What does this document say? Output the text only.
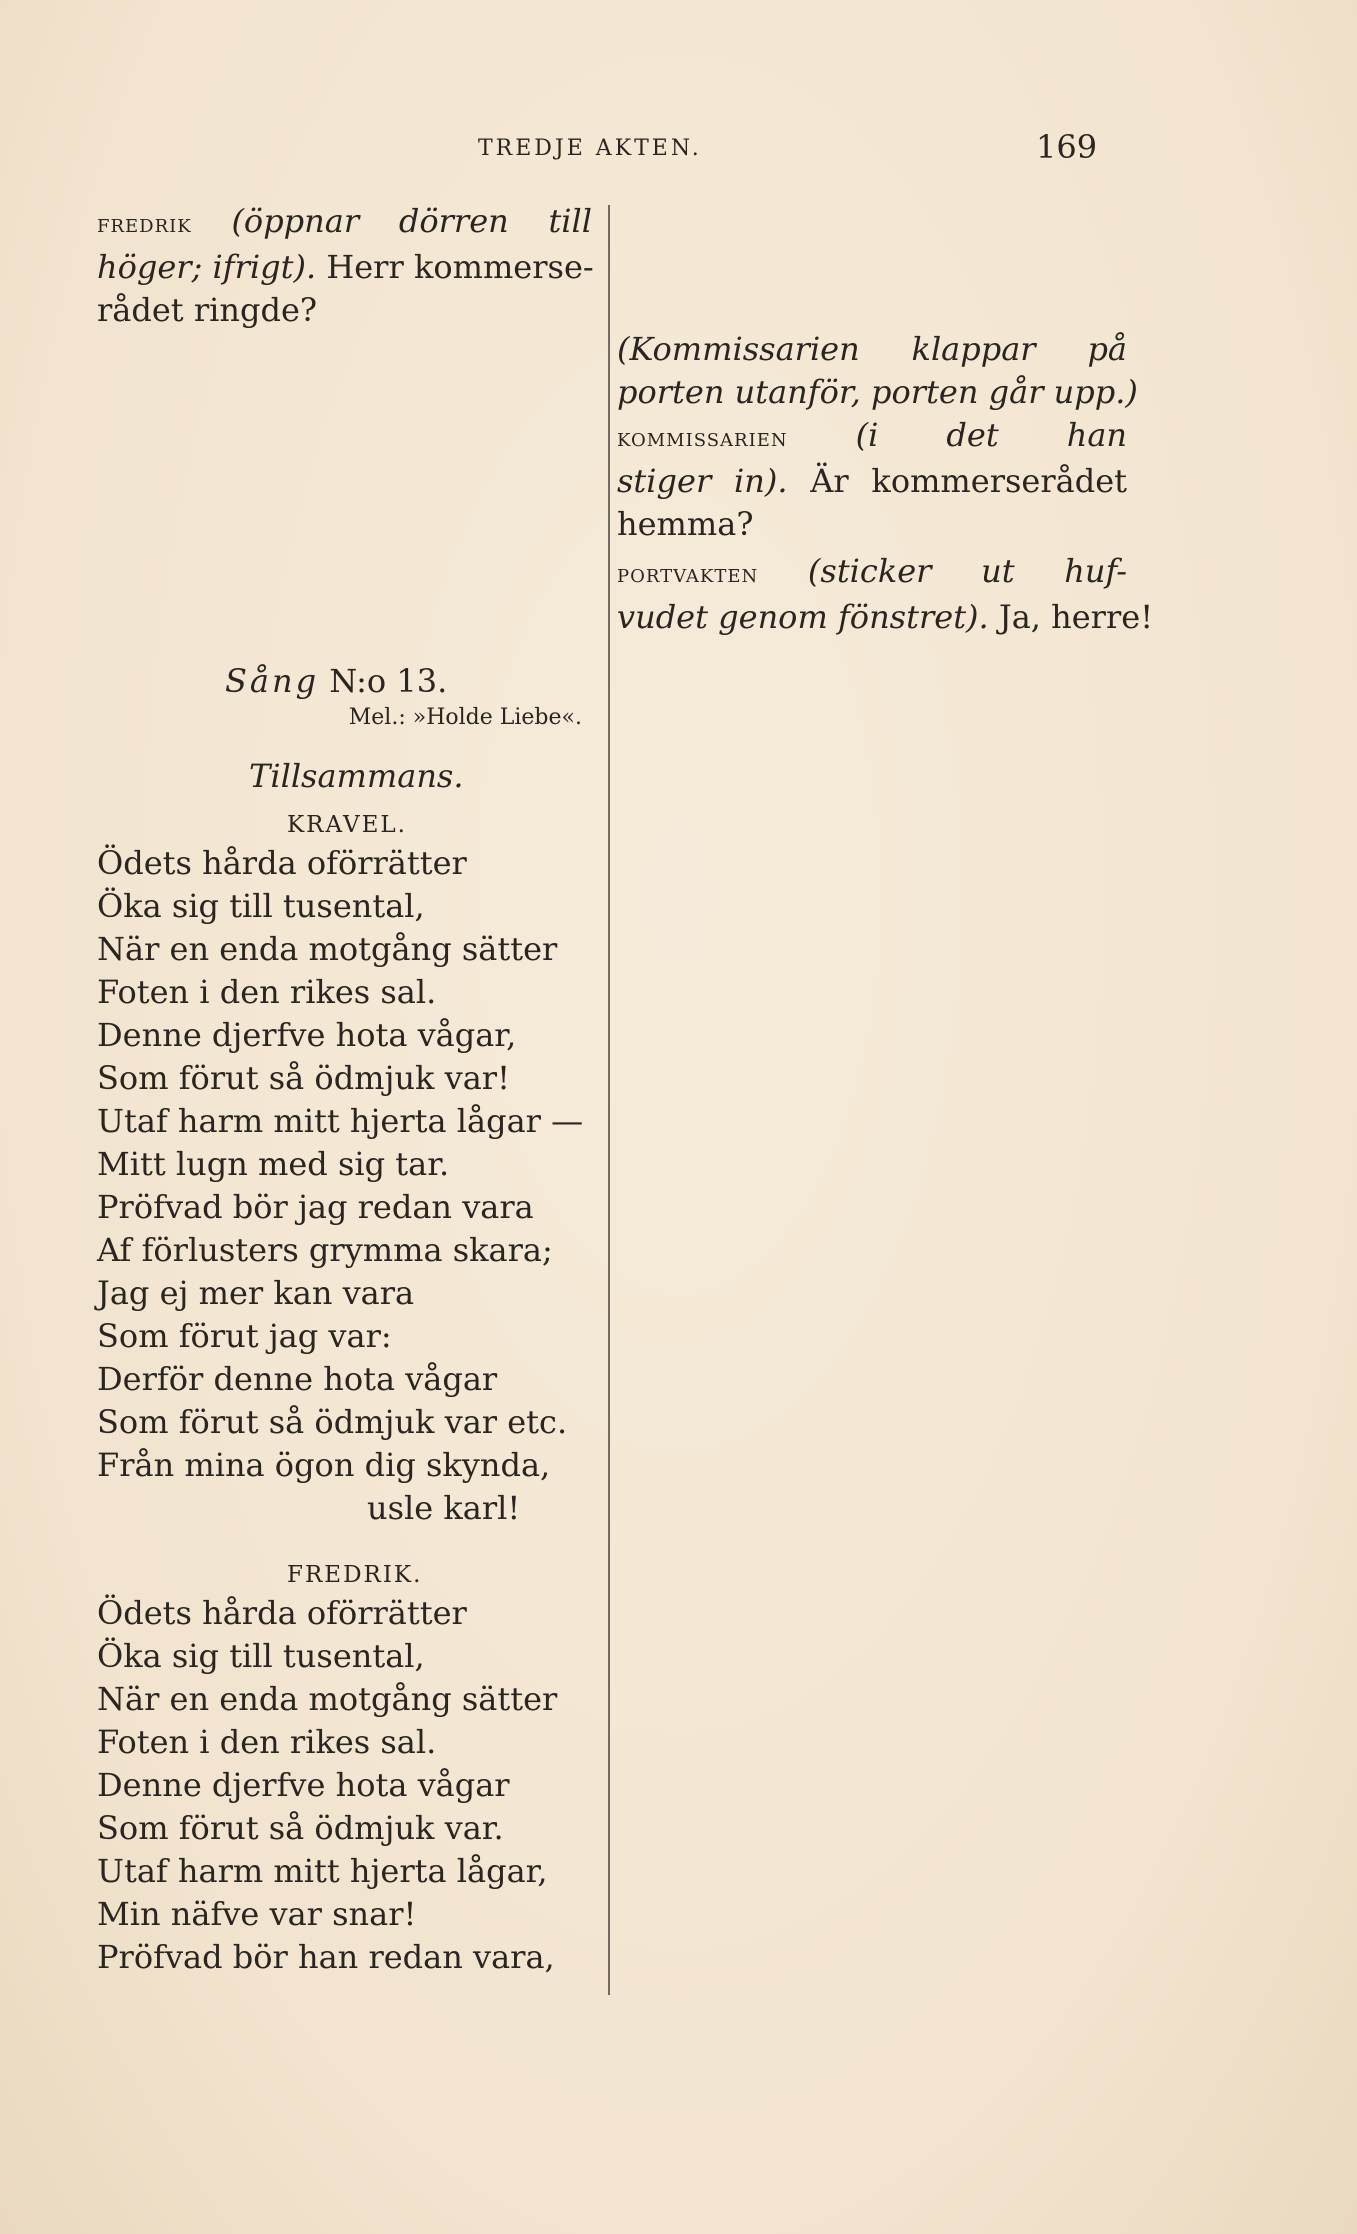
TREDJE AKTEN.	169
fredrik (öppnar dörren till
höger; ifrigt). Herr kommerse-
rådet ringde?
Sång N:o 13.
Mel.: »Holde Liebe«.
Tillsammans.
KRAVEL.
Ödets hårda oförrätter
Öka sig till tusental,
När en enda motgång sätter
Foten i den rikes sal.
Denne djerfve hota vågar,
Som förut så ödmjuk var!
Utaf harm mitt hjerta lågar —
Mitt lugn med sig tar.
Pröfvad bör jag redan vara
Af förlusters grymma skara;
Jag ej mer kan vara
Som förut jag var:
Derför denne hota vågar
Som förut så ödmjuk var etc.
Från mina ögon dig skynda,
usle karl!
FREDRIK.
Ödets hårda oförrätter
Öka sig till tusental,
När en enda motgång sätter
Foten i den rikes sal.
Denne djerfve hota vågar
Som förut så ödmjuk var.
Utaf harm mitt hjerta lågar,
Min näfve var snar!
Pröfvad bör han redan vara,
(Kommissarien klappar på
porten utanför, porten går upp.)
kommissarien (i det han
stiger in). Är kommerserådet
hemma?
portvakten (sticker ut huf-
vudet genom fönstret). Ja, herre!
